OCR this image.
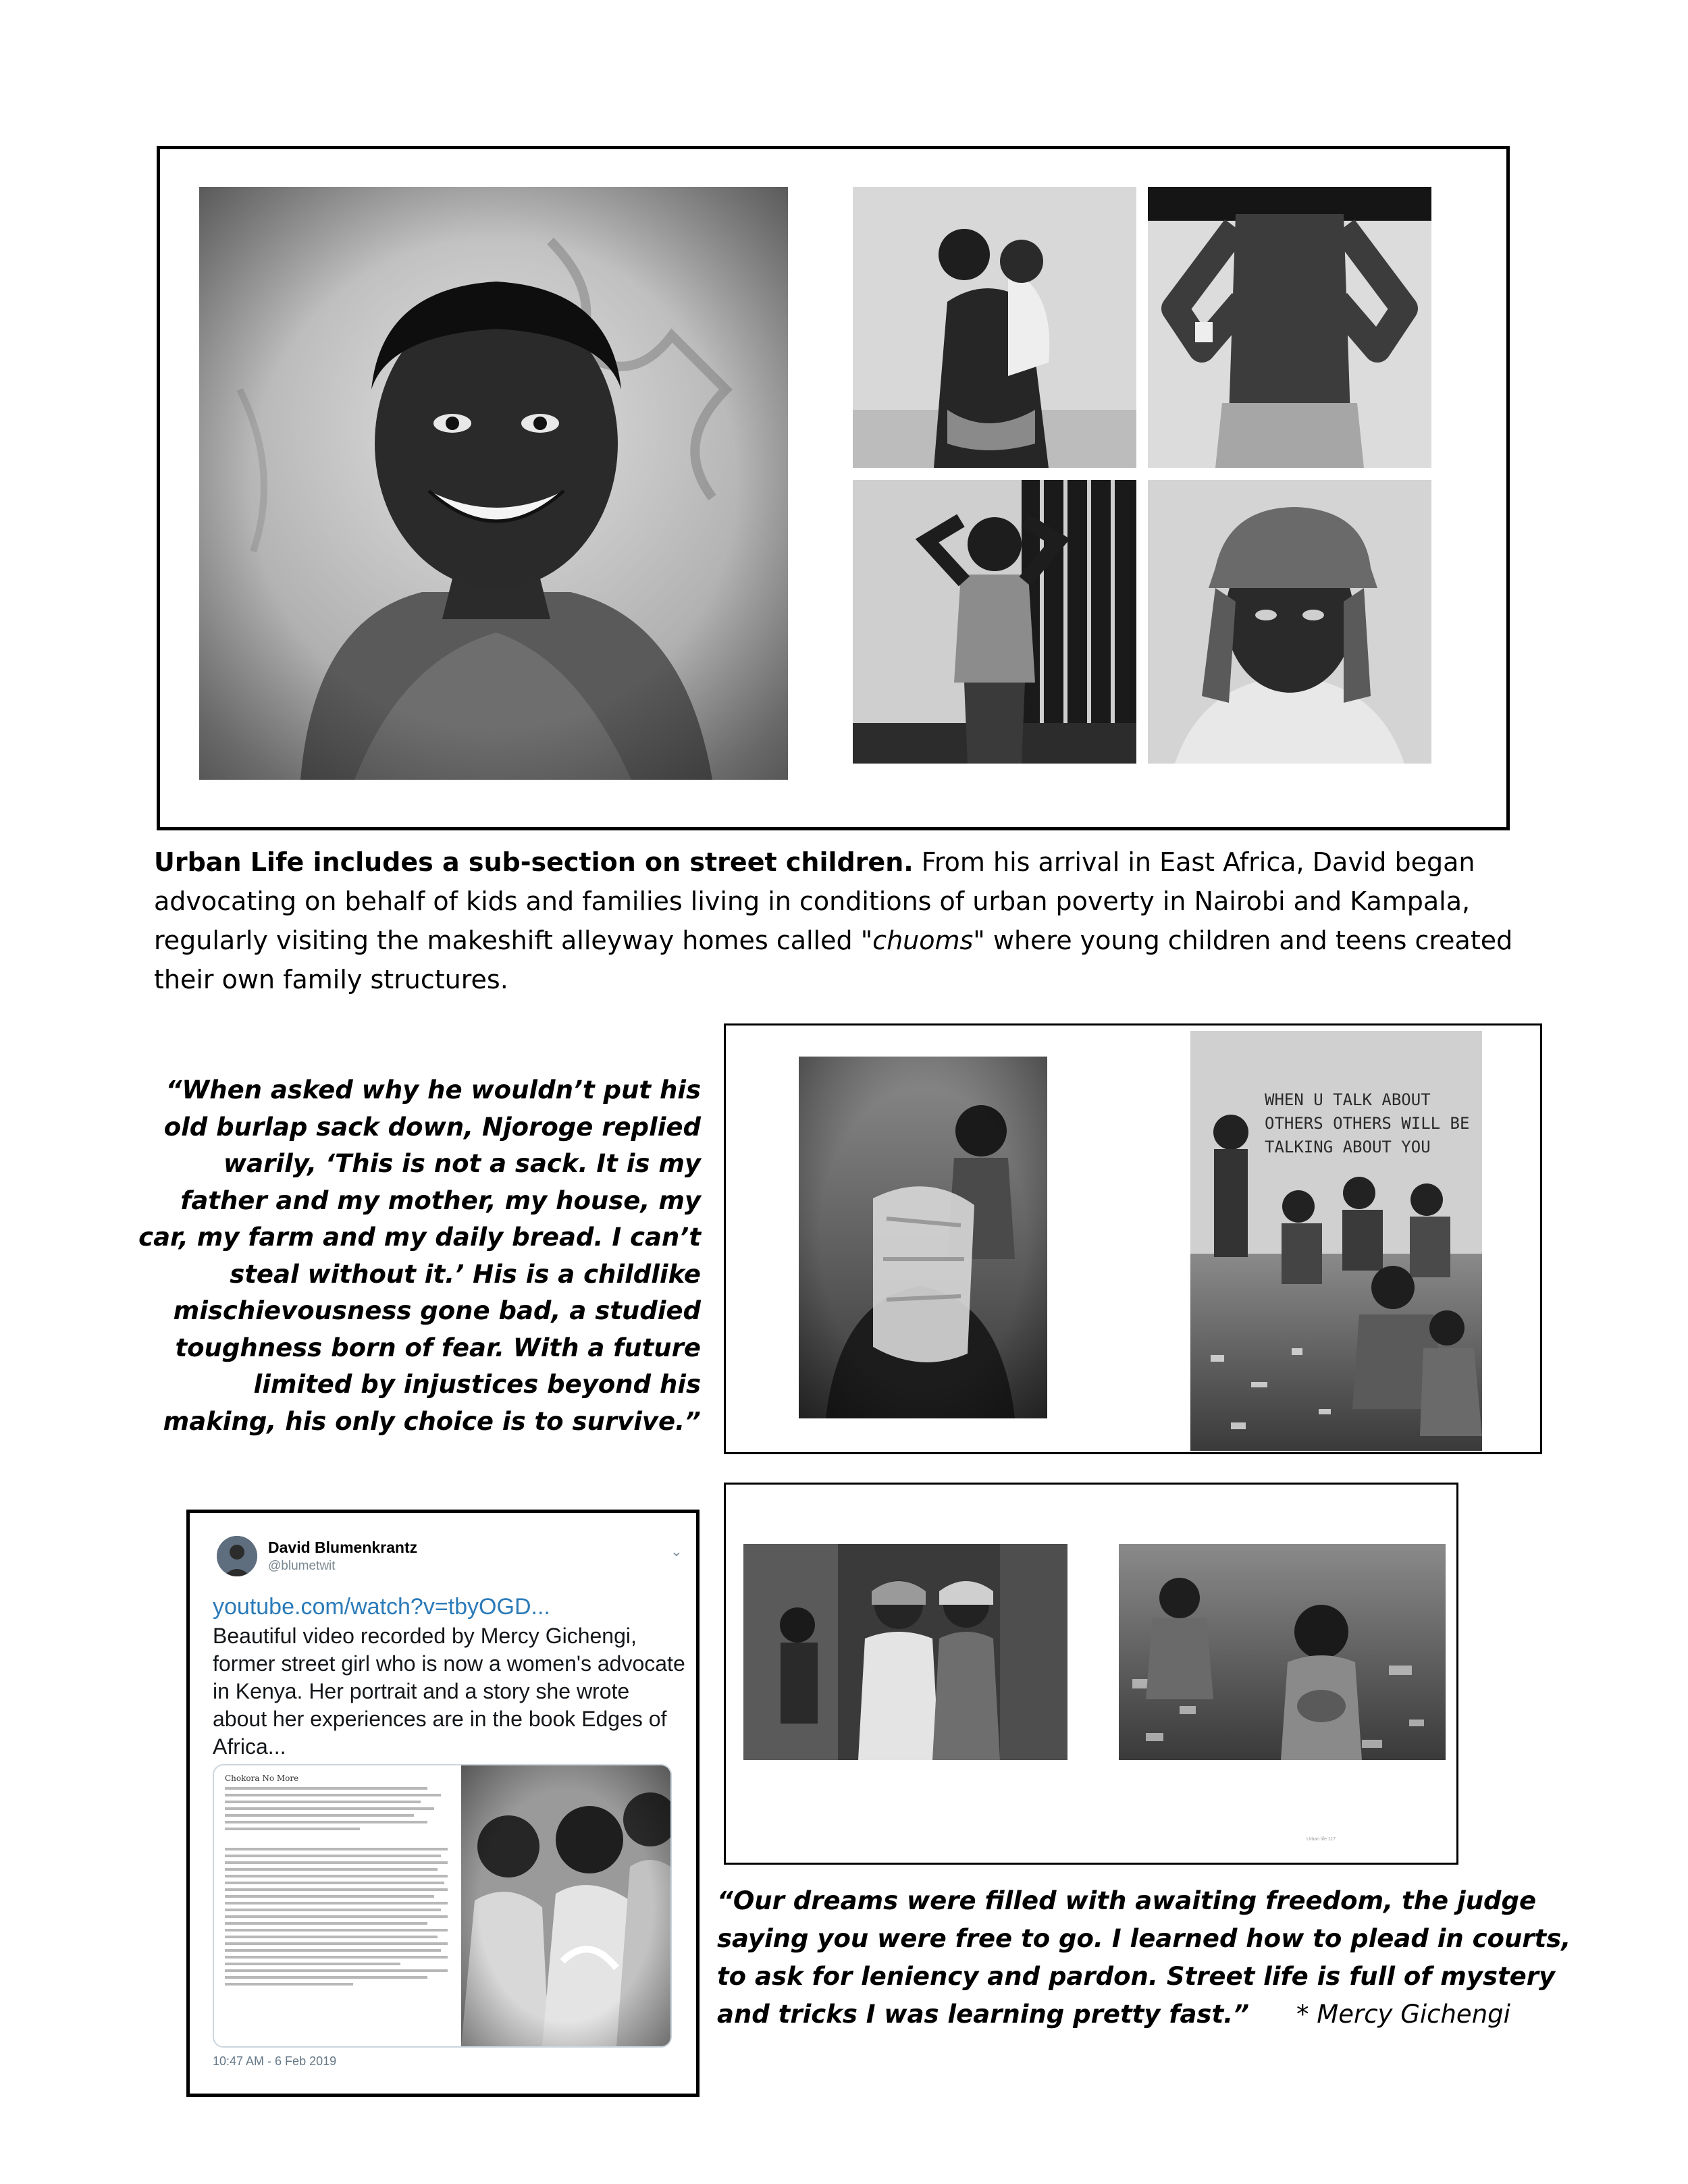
Urban Life includes a sub-section on street children. From his arrival in East Africa, David began advocating on behalf of kids and families living in conditions of urban poverty in Nairobi and Kampala, regularly visiting the makeshift alleyway homes called "chuoms" where young children and teens created their own family structures.
“When asked why he wouldn’t put his old burlap sack down, Njoroge replied warily, ‘This is not a sack. It is my father and my mother, my house, my car, my farm and my daily bread. I can’t steal without it.’ His is a childlike mischievousness gone bad, a studied toughness born of fear. With a future limited by injustices beyond his making, his only choice is to survive.”
WHEN U TALK ABOUT
OTHERS OTHERS WILL BE
TALKING ABOUT YOU
David Blumenkrantz
@blumetwit
⌄
youtube.com/watch?v=tbyOGD...
Beautiful video recorded by Mercy Gichengi, former street girl who is now a women's advocate in Kenya. Her portrait and a story she wrote about her experiences are in the book Edges of Africa...
Chokora No More
10:47 AM - 6 Feb 2019
Urban life 117
“Our dreams were filled with awaiting freedom, the judge saying you were free to go. I learned how to plead in courts, to ask for leniency and pardon. Street life is full of mystery and tricks I was learning pretty fast.” * Mercy Gichengi
